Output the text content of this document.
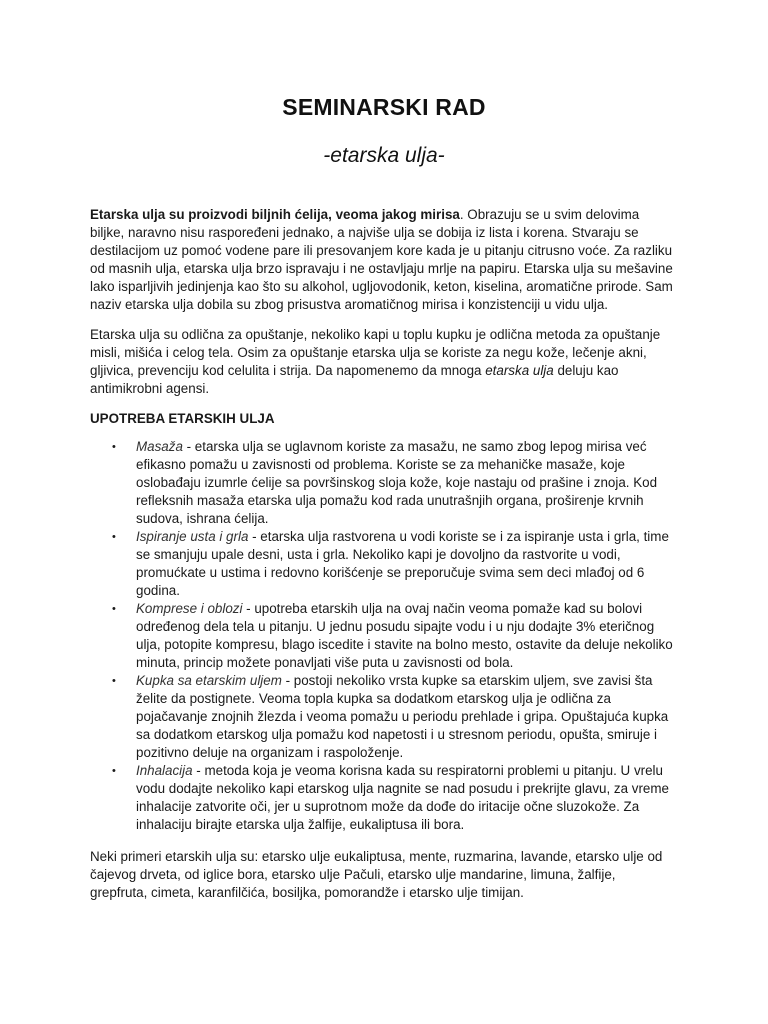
SEMINARSKI RAD
-etarska ulja-

Etarska ulja su proizvodi biljnih ćelija, veoma jakog mirisa. Obrazuju se u svim delovima biljke, naravno nisu raspoređeni jednako, a najviše ulja se dobija iz lista i korena. Stvaraju se destilacijom uz pomoć vodene pare ili presovanjem kore kada je u pitanju citrusno voće. Za razliku od masnih ulja, etarska ulja brzo ispravaju i ne ostavljaju mrlje na papiru. Etarska ulja su mešavine lako isparljivih jedinjenja kao što su alkohol, ugljovodonik, keton, kiselina, aromatične prirode. Sam naziv etarska ulja dobila su zbog prisustva aromatičnog mirisa i konzistenciji u vidu ulja.

Etarska ulja su odlična za opuštanje, nekoliko kapi u toplu kupku je odlična metoda za opuštanje misli, mišića i celog tela. Osim za opuštanje etarska ulja se koriste za negu kože, lečenje akni, gljivica, prevenciju kod celulita i strija. Da napomenemo da mnoga etarska ulja deluju kao antimikrobni agensi.

UPOTREBA ETARSKIH ULJA
• Masaža - etarska ulja se uglavnom koriste za masažu, ne samo zbog lepog mirisa već efikasno pomažu u zavisnosti od problema. Koriste se za mehaničke masaže, koje oslobađaju izumrle ćelije sa površinskog sloja kože, koje nastaju od prašine i znoja. Kod refleksnih masaža etarska ulja pomažu kod rada unutrašnjih organa, proširenje krvnih sudova, ishrana ćelija.
• Ispiranje usta i grla - etarska ulja rastvorena u vodi koriste se i za ispiranje usta i grla, time se smanjuju upale desni, usta i grla. Nekoliko kapi je dovoljno da rastvorite u vodi, promućkate u ustima i redovno korišćenje se preporučuje svima sem deci mlađoj od 6 godina.
• Komprese i oblozi - upotreba etarskih ulja na ovaj način veoma pomaže kad su bolovi određenog dela tela u pitanju. U jednu posudu sipajte vodu i u nju dodajte 3% eteričnog ulja, potopite kompresu, blago iscedite i stavite na bolno mesto, ostavite da deluje nekoliko minuta, princip možete ponavljati više puta u zavisnosti od bola.
• Kupka sa etarskim uljem - postoji nekoliko vrsta kupke sa etarskim uljem, sve zavisi šta želite da postignete. Veoma topla kupka sa dodatkom etarskog ulja je odlična za pojačavanje znojnih žlezda i veoma pomažu u periodu prehlade i gripa. Opuštajuća kupka sa dodatkom etarskog ulja pomažu kod napetosti i u stresnom periodu, opušta, smiruje i pozitivno deluje na organizam i raspoloženje.
• Inhalacija - metoda koja je veoma korisna kada su respiratorni problemi u pitanju. U vrelu vodu dodajte nekoliko kapi etarskog ulja nagnite se nad posudu i prekrijte glavu, za vreme inhalacije zatvorite oči, jer u suprotnom može da dođe do iritacije očne sluzokože. Za inhalaciju birajte etarska ulja žalfije, eukaliptusa ili bora.

Neki primeri etarskih ulja su: etarsko ulje eukaliptusa, mente, ruzmarina, lavande, etarsko ulje od čajevog drveta, od iglice bora, etarsko ulje Pačuli, etarsko ulje mandarine, limuna, žalfije, grepfruta, cimeta, karanfilčića, bosiljka, pomorandže i etarsko ulje timijan.
